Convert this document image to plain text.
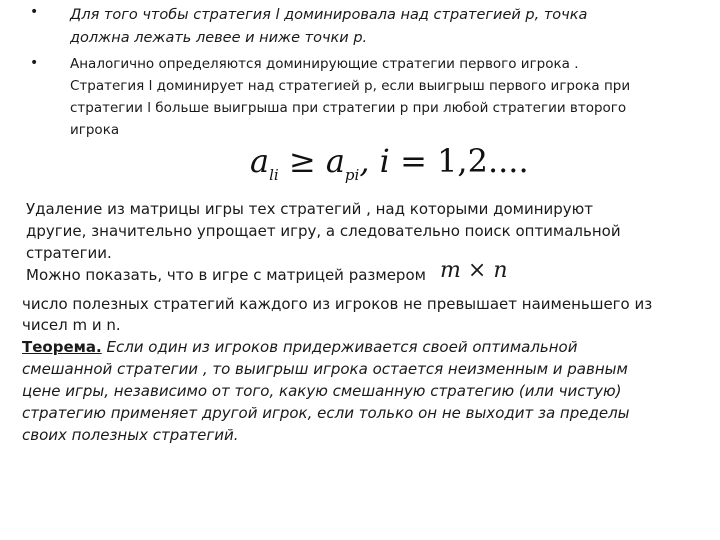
• Для того чтобы стратегия l доминировала над стратегией р, точка
должна лежать левее и ниже точки р.
• Аналогично определяются доминирующие стратегии первого игрока .
Стратегия l доминирует над стратегией р, если выигрыш первого игрока при
стратегии l больше выигрыша при стратегии р при любой стратегии второго
игрока
$a_{li} \ge a_{pi}$, i = 1,2....
Удаление из матрицы игры тех стратегий , над которыми доминируют
другие, значительно упрощает игру, а следовательно поиск оптимальной
стратегии.
Можно показать, что в игре с матрицей размером m × n
число полезных стратегий каждого из игроков не превышает наименьшего из
чисел m и n.
Теорема. Если один из игроков придерживается своей оптимальной
смешанной стратегии , то выигрыш игрока остается неизменным и равным
цене игры, независимо от того, какую смешанную стратегию (или чистую)
стратегию применяет другой игрок, если только он не выходит за пределы
своих полезных стратегий.
